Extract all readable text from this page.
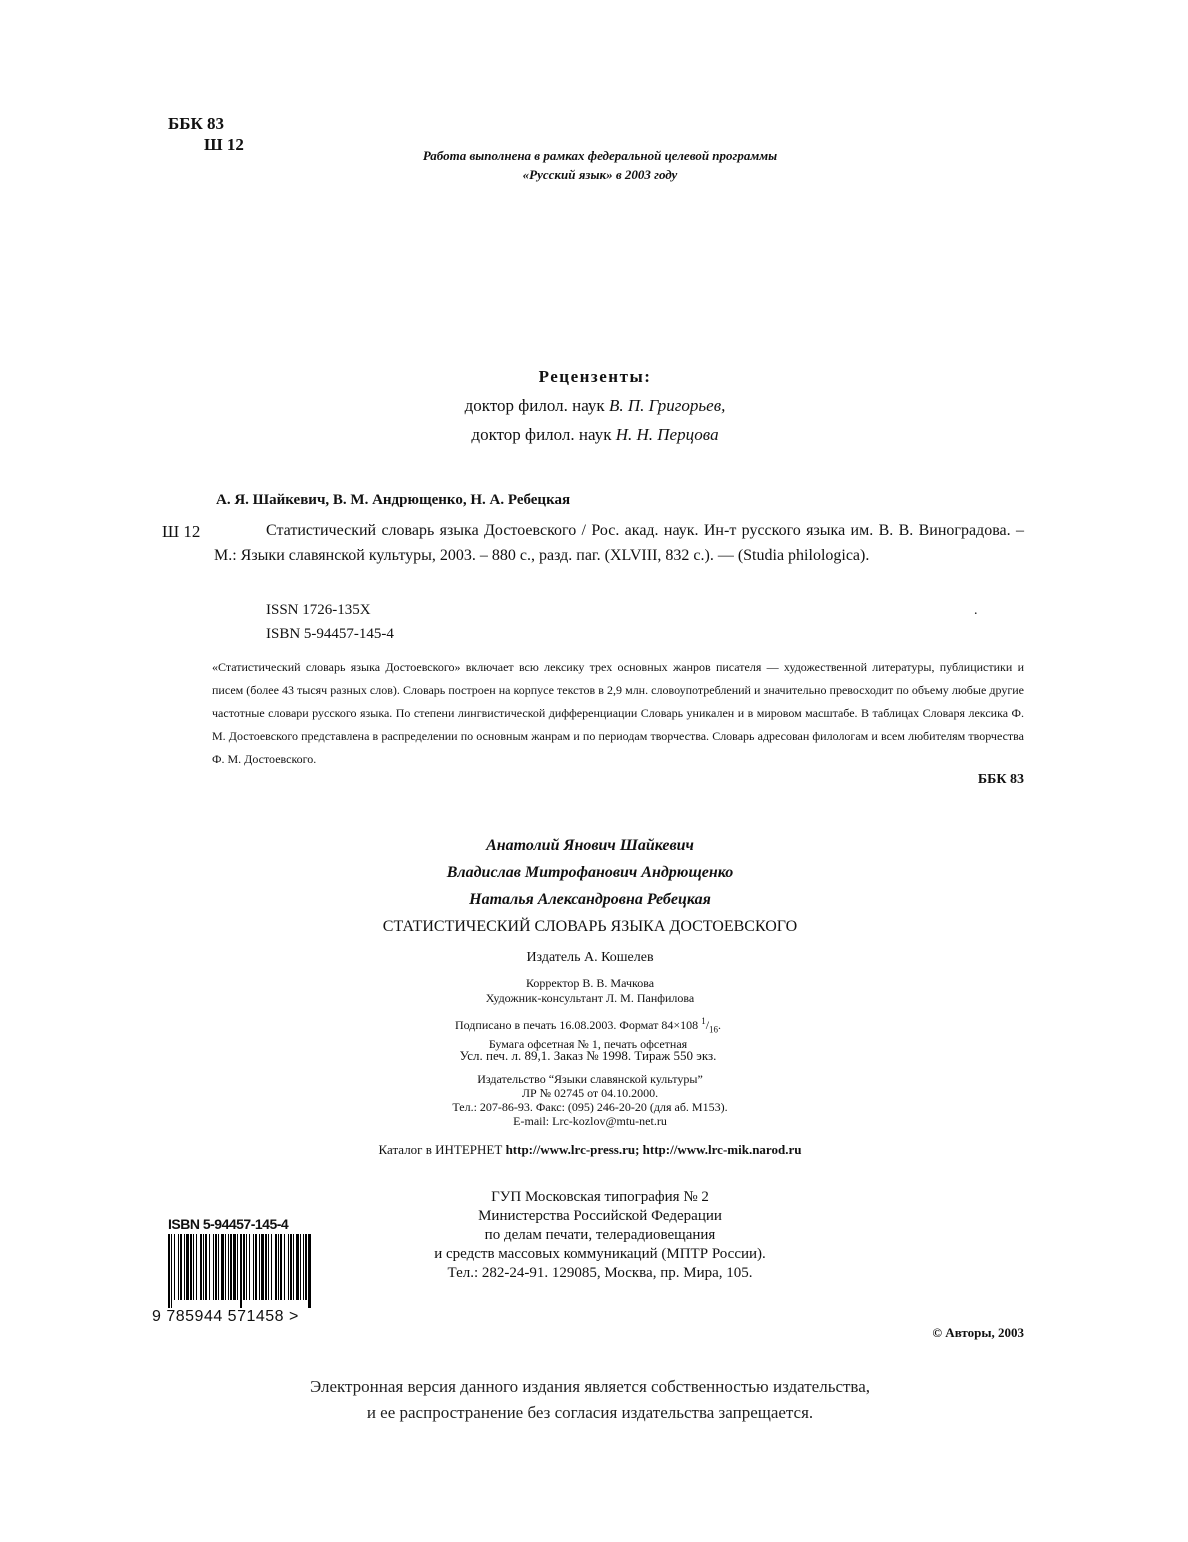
ББК 83
Ш 12
Работа выполнена в рамках федеральной целевой программы
«Русский язык» в 2003 году
Рецензенты:
доктор филол. наук В. П. Григорьев,
доктор филол. наук Н. Н. Перцова
А. Я. Шайкевич, В. М. Андрющенко, Н. А. Ребецкая
Ш 12	Статистический словарь языка Достоевского / Рос. акад. наук. Ин-т русского языка им. В. В. Виноградова. – М.: Языки славянской культуры, 2003. – 880 с., разд. паг. (XLVIII, 832 с.). — (Studia philologica).
ISSN 1726-135X
ISBN 5-94457-145-4
.
«Статистический словарь языка Достоевского» включает всю лексику трех основных жанров писателя — художественной литературы, публицистики и писем (более 43 тысяч разных слов). Словарь построен на корпусе текстов в 2,9 млн. словоупотреблений и значительно превосходит по объему любые другие частотные словари русского языка. По степени лингвистической дифференциации Словарь уникален и в мировом масштабе. В таблицах Словаря лексика Ф. М. Достоевского представлена в распределении по основным жанрам и по периодам творчества. Словарь адресован филологам и всем любителям творчества Ф. М. Достоевского.
ББК 83
Анатолий Янович Шайкевич
Владислав Митрофанович Андрющенко
Наталья Александровна Ребецкая
СТАТИСТИЧЕСКИЙ СЛОВАРЬ ЯЗЫКА ДОСТОЕВСКОГО
Издатель А. Кошелев
Корректор В. В. Мачкова
Художник-консультант Л. М. Панфилова
Подписано в печать 16.08.2003. Формат 84×108 $^1/_{16}$.
Бумага офсетная № 1, печать офсетная
Усл. печ. л. 89,1. Заказ № 1998. Тираж 550 экз.
Издательство “Языки славянской культуры”
ЛР № 02745 от 04.10.2000.
Тел.: 207-86-93. Факс: (095) 246-20-20 (для аб. М153).
E-mail: Lrc-kozlov@mtu-net.ru
Каталог в ИНТЕРНЕТ http://www.lrc-press.ru; http://www.lrc-mik.narod.ru
ГУП Московская типография № 2
Министерства Российской Федерации
по делам печати, телерадиовещания
и средств массовых коммуникаций (МПТР России).
Тел.: 282-24-91. 129085, Москва, пр. Мира, 105.
ISBN 5-94457-145-4
9 785944 571458 >
© Авторы, 2003
Электронная версия данного издания является собственностью издательства,
и ее распространение без согласия издательства запрещается.
